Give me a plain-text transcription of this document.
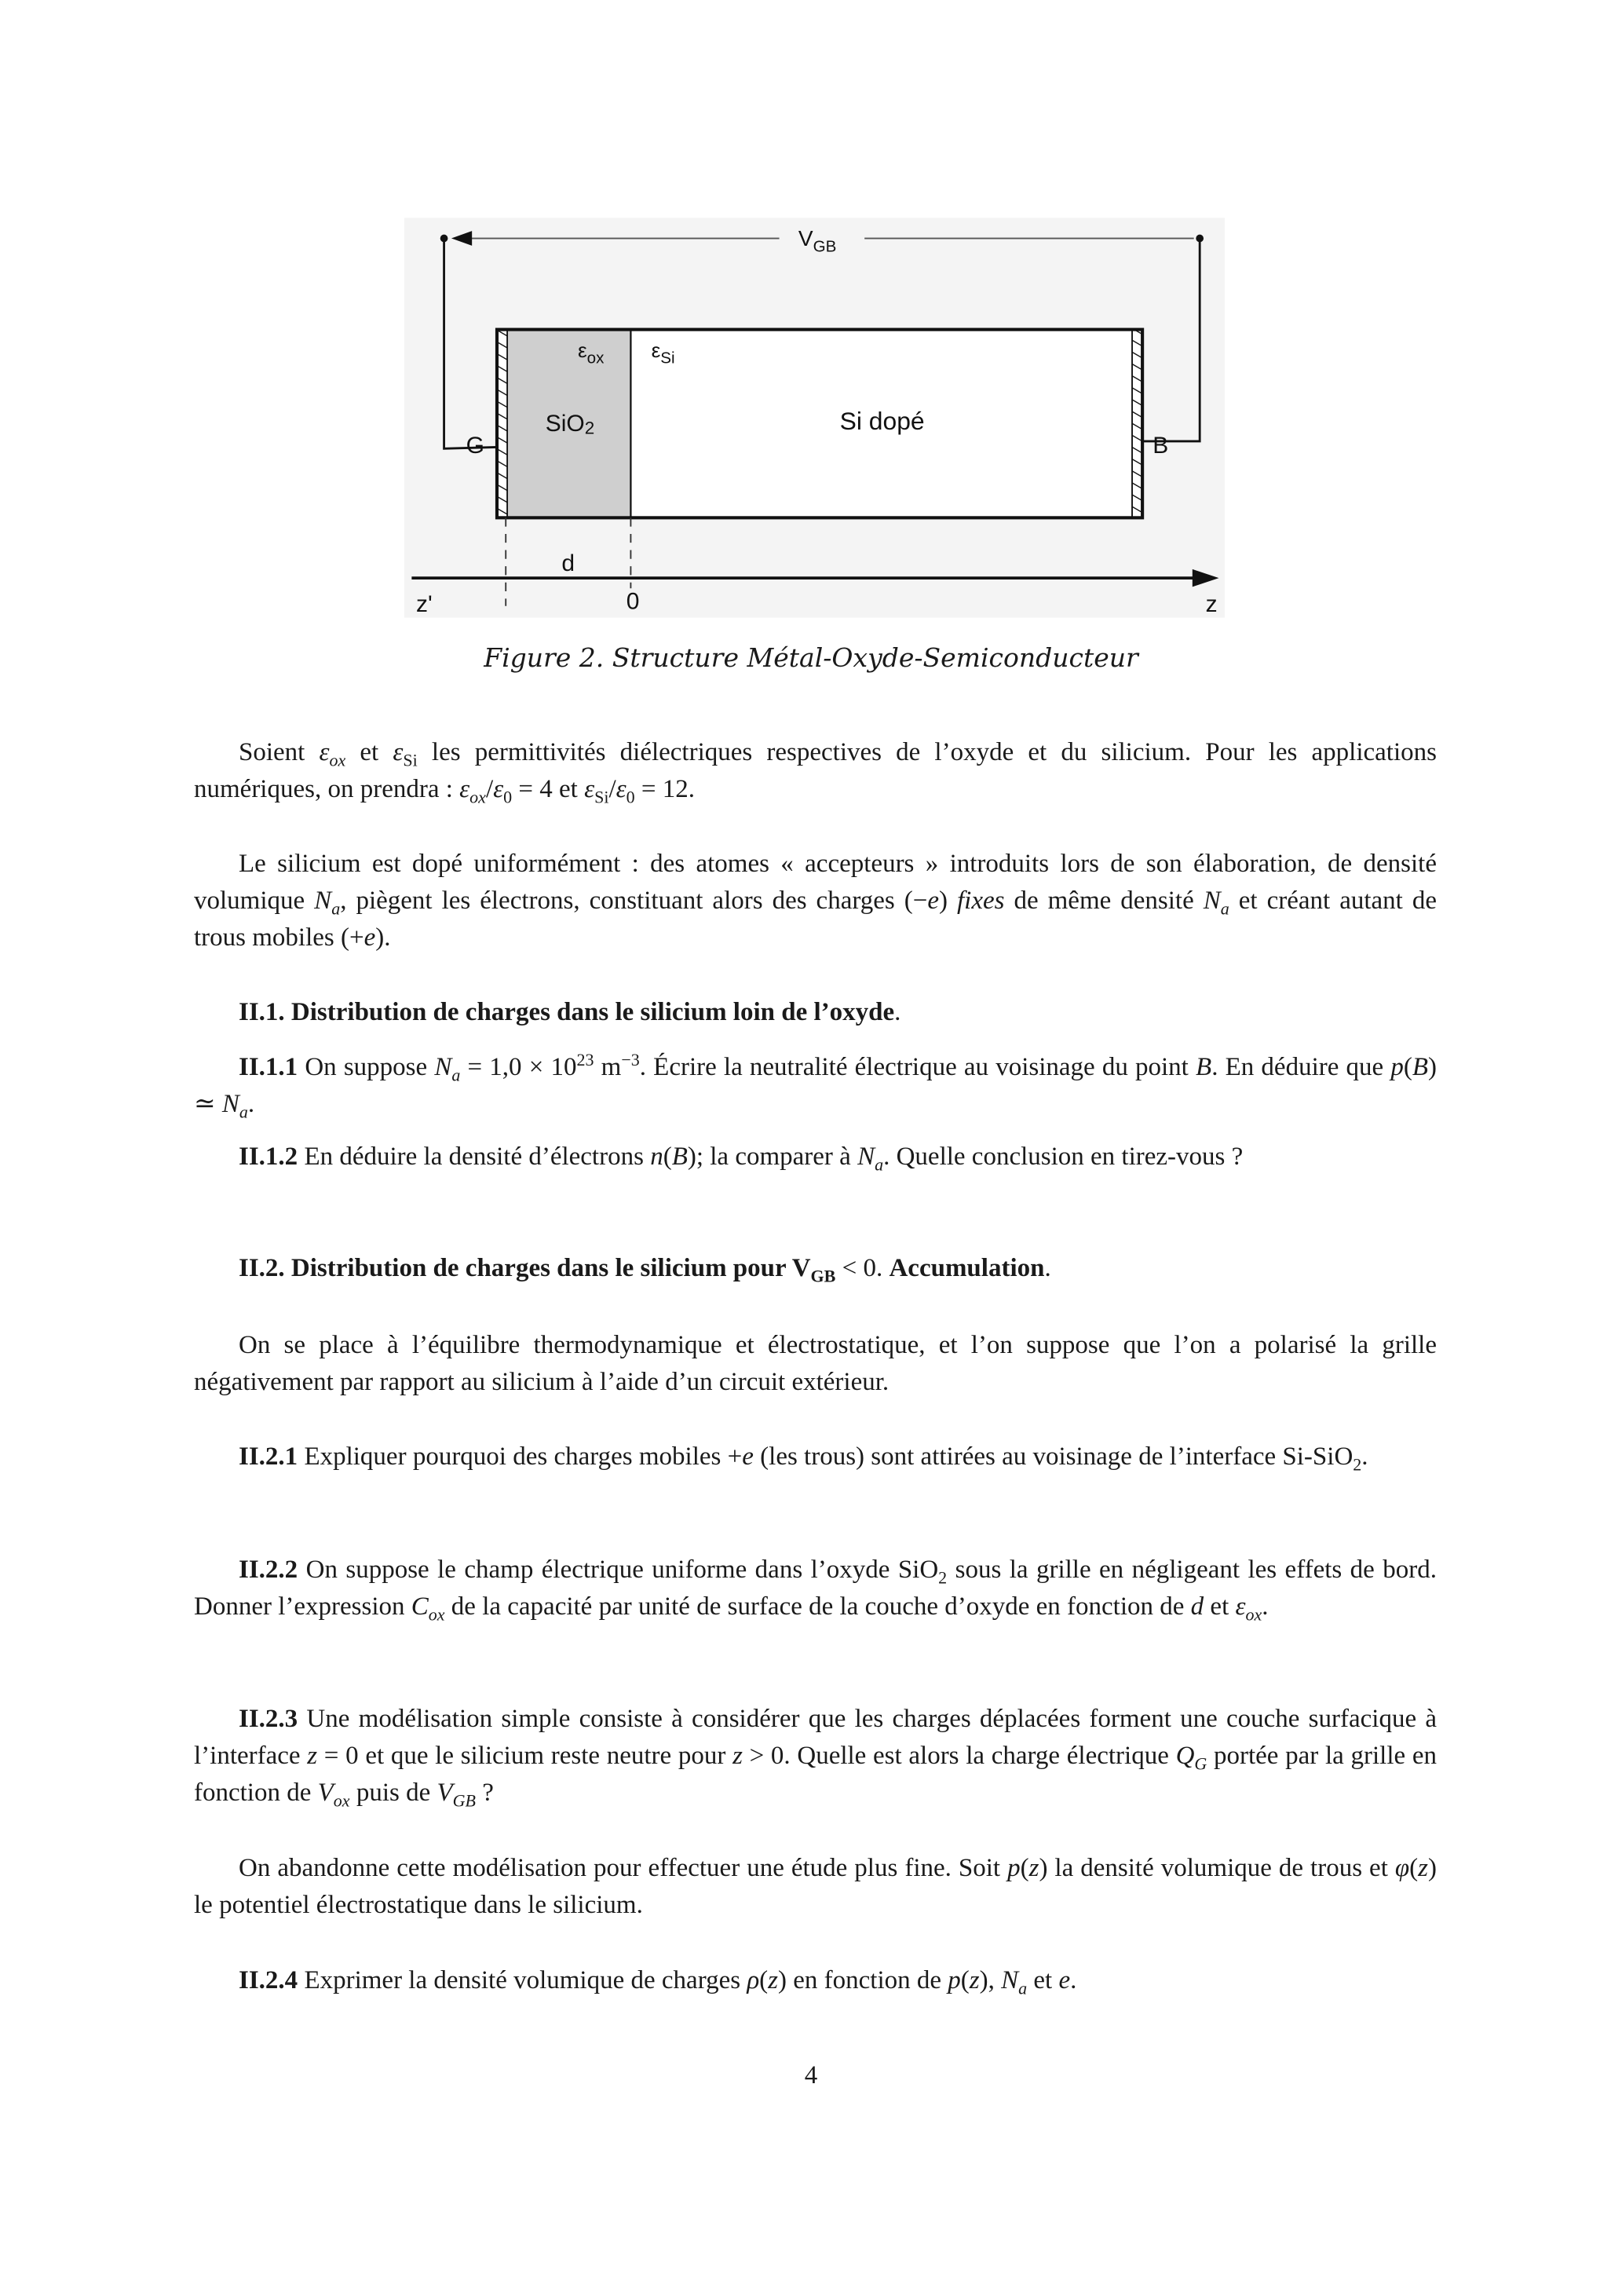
$V_{GB}$
$\varepsilon_{ox}$	$\varepsilon_{Si}$
SiO2	Si dopé
G	B
d
0
z'	z
Figure 2. Structure Métal-Oxyde-Semiconducteur
Soient $\varepsilon_{ox}$ et $\varepsilon_{Si}$ les permittivités diélectriques respectives de l’oxyde et du silicium. Pour les applications numériques, on prendra : $\varepsilon_{ox}/\varepsilon_0 = 4$ et $\varepsilon_{Si}/\varepsilon_0 = 12$.
Le silicium est dopé uniformément : des atomes « accepteurs » introduits lors de son élaboration, de densité volumique $N_a$, piègent les électrons, constituant alors des charges (−e) fixes de même densité $N_a$ et créant autant de trous mobiles (+e).
II.1. Distribution de charges dans le silicium loin de l’oxyde.
II.1.1 On suppose $N_a = 1,0 \times 10^{23}$ $m^{-3}$. Écrire la neutralité électrique au voisinage du point B. En déduire que p(B) ≃ $N_a$.
II.1.2 En déduire la densité d’électrons n(B); la comparer à $N_a$. Quelle conclusion en tirez-vous ?
II.2. Distribution de charges dans le silicium pour $V_{GB} < 0$. Accumulation.
On se place à l’équilibre thermodynamique et électrostatique, et l’on suppose que l’on a polarisé la grille négativement par rapport au silicium à l’aide d’un circuit extérieur.
II.2.1 Expliquer pourquoi des charges mobiles +e (les trous) sont attirées au voisinage de l’interface Si-SiO$_2$.
II.2.2 On suppose le champ électrique uniforme dans l’oxyde SiO$_2$ sous la grille en négligeant les effets de bord. Donner l’expression $C_{ox}$ de la capacité par unité de surface de la couche d’oxyde en fonction de d et $\varepsilon_{ox}$.
II.2.3 Une modélisation simple consiste à considérer que les charges déplacées forment une couche surfacique à l’interface z = 0 et que le silicium reste neutre pour z > 0. Quelle est alors la charge électrique $Q_G$ portée par la grille en fonction de $V_{ox}$ puis de $V_{GB}$ ?
On abandonne cette modélisation pour effectuer une étude plus fine. Soit p(z) la densité volumique de trous et φ(z) le potentiel électrostatique dans le silicium.
II.2.4 Exprimer la densité volumique de charges ρ(z) en fonction de p(z), $N_a$ et e.
4
